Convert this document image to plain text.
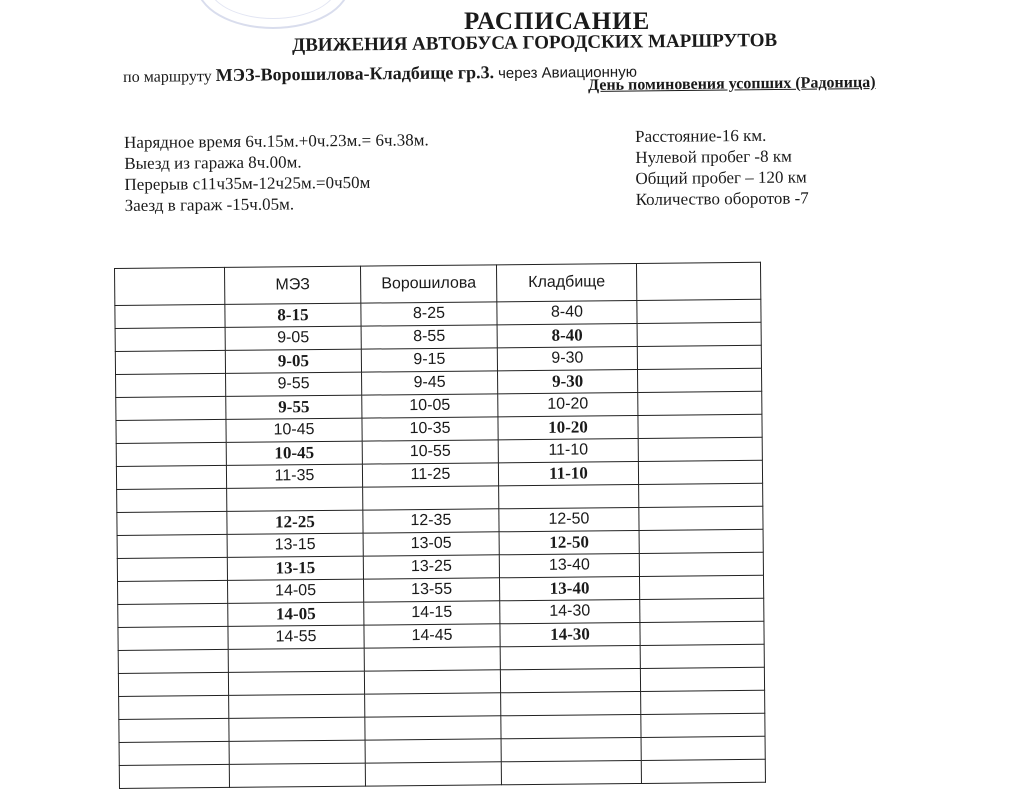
РАСПИСАНИЕ
ДВИЖЕНИЯ АВТОБУСА ГОРОДСКИХ МАРШРУТОВ
по маршруту МЭЗ-Ворошилова-Кладбище гр.3. через Авиационную
День поминовения усопших (Радоница)
Нарядное время 6ч.15м.+0ч.23м.= 6ч.38м.
Выезд из гаража 8ч.00м.
Перерыв с11ч35м-12ч25м.=0ч50м
Заезд в гараж -15ч.05м.
Расстояние-16 км.
Нулевой пробег -8 км
Общий пробег – 120 км
Количество оборотов -7
	МЭЗ	Ворошилова	Кладбище	
	8-15	8-25	8-40	
	9-05	8-55	8-40	
	9-05	9-15	9-30	
	9-55	9-45	9-30	
	9-55	10-05	10-20	
	10-45	10-35	10-20	
	10-45	10-55	11-10	
	11-35	11-25	11-10	

	12-25	12-35	12-50	
	13-15	13-05	12-50	
	13-15	13-25	13-40	
	14-05	13-55	13-40	
	14-05	14-15	14-30	
	14-55	14-45	14-30	
